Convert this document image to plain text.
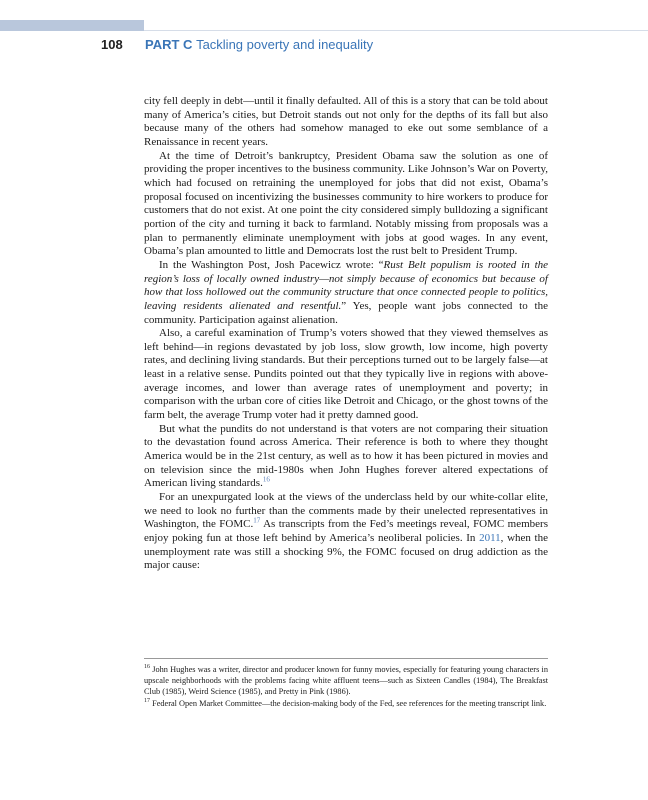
108 PART C Tackling poverty and inequality

city fell deeply in debt—until it finally defaulted. All of this is a story that can be told about many of America’s cities, but Detroit stands out not only for the depths of its fall but also because many of the others had somehow managed to eke out some semblance of a Renaissance in recent years.

At the time of Detroit’s bankruptcy, President Obama saw the solution as one of providing the proper incentives to the business community. Like Johnson’s War on Poverty, which had focused on retraining the unemployed for jobs that did not exist, Obama’s proposal focused on incentivizing the businesses community to hire workers to produce for customers that do not exist. At one point the city considered simply bulldozing a significant portion of the city and turning it back to farmland. Notably missing from proposals was a plan to permanently eliminate unemployment with jobs at good wages. In any event, Obama’s plan amounted to little and Democrats lost the rust belt to President Trump.

In the Washington Post, Josh Pacewicz wrote: “Rust Belt populism is rooted in the region’s loss of locally owned industry—not simply because of economics but because of how that loss hollowed out the community structure that once connected people to politics, leaving residents alienated and resentful.” Yes, people want jobs connected to the community. Participation against alienation.

Also, a careful examination of Trump’s voters showed that they viewed themselves as left behind—in regions devastated by job loss, slow growth, low income, high poverty rates, and declining living standards. But their perceptions turned out to be largely false—at least in a relative sense. Pundits pointed out that they typically live in regions with above-average incomes, and lower than average rates of unemployment and poverty; in comparison with the urban core of cities like Detroit and Chicago, or the ghost towns of the farm belt, the average Trump voter had it pretty damned good.

But what the pundits do not understand is that voters are not comparing their situation to the devastation found across America. Their reference is both to where they thought America would be in the 21st century, as well as to how it has been pictured in movies and on television since the mid-1980s when John Hughes forever altered expectations of American living standards.$^{16}$

For an unexpurgated look at the views of the underclass held by our white-collar elite, we need to look no further than the comments made by their unelected representatives in Washington, the FOMC.$^{17}$ As transcripts from the Fed’s meetings reveal, FOMC members enjoy poking fun at those left behind by America’s neoliberal policies. In 2011, when the unemployment rate was still a shocking 9%, the FOMC focused on drug addiction as the major cause:

$^{16}$ John Hughes was a writer, director and producer known for funny movies, especially for featuring young characters in upscale neighborhoods with the problems facing white affluent teens—such as Sixteen Candles (1984), The Breakfast Club (1985), Weird Science (1985), and Pretty in Pink (1986).

$^{17}$ Federal Open Market Committee—the decision-making body of the Fed, see references for the meeting transcript link.
